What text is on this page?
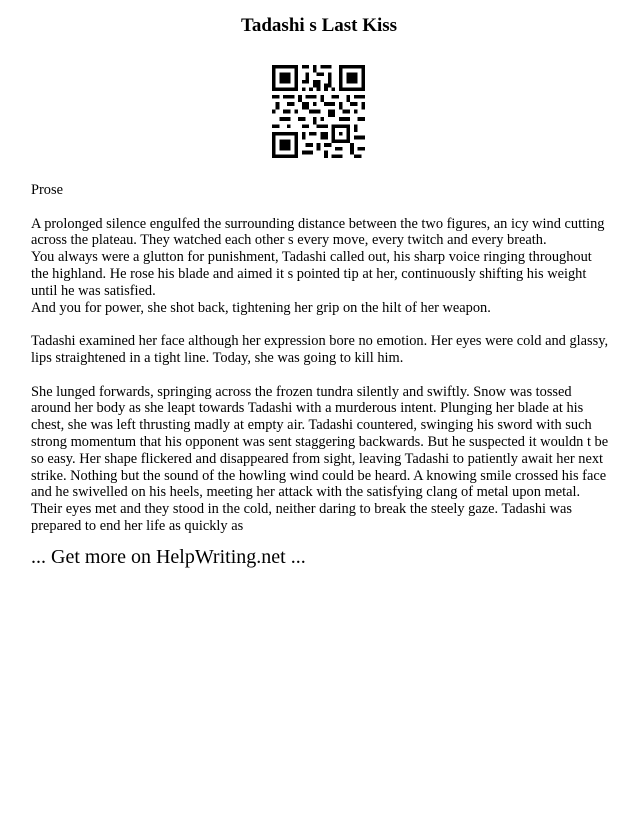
Tadashi s Last Kiss

Prose

A prolonged silence engulfed the surrounding distance between the two figures, an icy wind cutting across the plateau. They watched each other s every move, every twitch and every breath.

You always were a glutton for punishment, Tadashi called out, his sharp voice ringing throughout the highland. He rose his blade and aimed it s pointed tip at her, continuously shifting his weight until he was satisfied.

And you for power, she shot back, tightening her grip on the hilt of her weapon.

Tadashi examined her face although her expression bore no emotion. Her eyes were cold and glassy, lips straightened in a tight line. Today, she was going to kill him.

She lunged forwards, springing across the frozen tundra silently and swiftly. Snow was tossed around her body as she leapt towards Tadashi with a murderous intent. Plunging her blade at his chest, she was left thrusting madly at empty air. Tadashi countered, swinging his sword with such strong momentum that his opponent was sent staggering backwards. But he suspected it wouldn t be so easy. Her shape flickered and disappeared from sight, leaving Tadashi to patiently await her next strike. Nothing but the sound of the howling wind could be heard. A knowing smile crossed his face and he swivelled on his heels, meeting her attack with the satisfying clang of metal upon metal. Their eyes met and they stood in the cold, neither daring to break the steely gaze. Tadashi was prepared to end her life as quickly as

... Get more on HelpWriting.net ...
